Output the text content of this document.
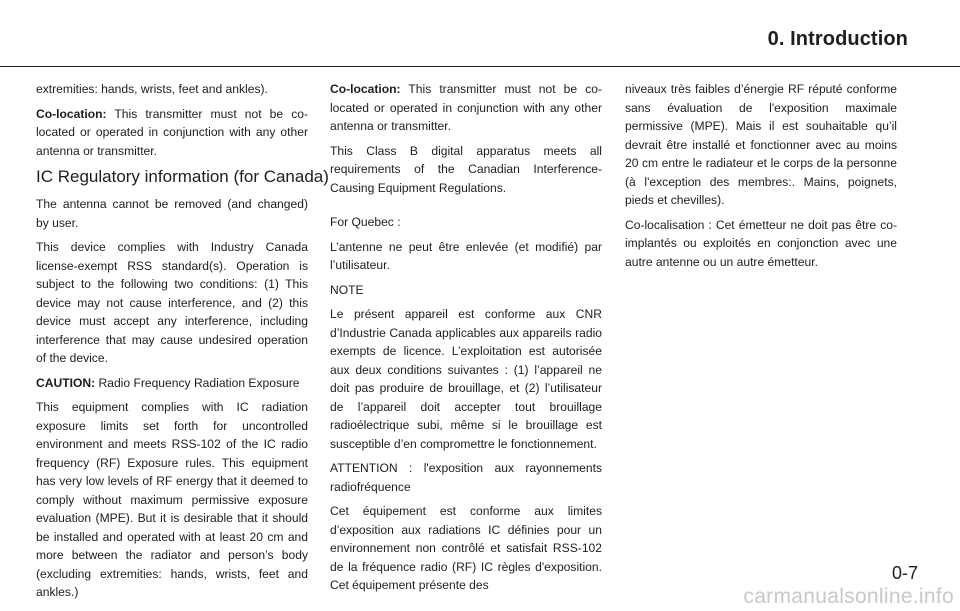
0. Introduction

extremities: hands, wrists, feet and ankles).

Co-location: This transmitter must not be co-located or operated in conjunction with any other antenna or transmitter.

IC Regulatory information (for Canada)

The antenna cannot be removed (and changed) by user.

This device complies with Industry Canada license-exempt RSS standard(s). Operation is subject to the following two conditions: (1) This device may not cause interference, and (2) this device must accept any interference, including interference that may cause undesired operation of the device.

CAUTION: Radio Frequency Radiation Exposure

This equipment complies with IC radiation exposure limits set forth for uncontrolled environment and meets RSS-102 of the IC radio frequency (RF) Exposure rules. This equipment has very low levels of RF energy that it deemed to comply without maximum permissive exposure evaluation (MPE). But it is desirable that it should be installed and operated with at least 20 cm and more between the radiator and person’s body (excluding extremities: hands, wrists, feet and ankles.)

Co-location: This transmitter must not be co-located or operated in conjunction with any other antenna or transmitter.

This Class B digital apparatus meets all requirements of the Canadian Interference-Causing Equipment Regulations.

For Quebec :

L’antenne ne peut être enlevée (et modifié) par l’utilisateur.

NOTE

Le présent appareil est conforme aux CNR d’Industrie Canada applicables aux appareils radio exempts de licence. L’exploitation est autorisée aux deux conditions suivantes : (1) l’appareil ne doit pas produire de brouillage, et (2) l’utilisateur de l’appareil doit accepter tout brouillage radioélectrique subi, même si le brouillage est susceptible d’en compromettre le fonctionnement.

ATTENTION : l'exposition aux rayonnements radiofréquence

Cet équipement est conforme aux limites d’exposition aux radiations IC définies pour un environnement non contrôlé et satisfait RSS-102 de la fréquence radio (RF) IC règles d'exposition. Cet équipement présente des

niveaux très faibles d’énergie RF réputé conforme sans évaluation de l'exposition maximale permissive (MPE). Mais il est souhaitable qu’il devrait être installé et fonctionner avec au moins 20 cm entre le radiateur et le corps de la personne (à l'exception des membres:. Mains, poignets, pieds et chevilles).

Co-localisation : Cet émetteur ne doit pas être co-implantés ou exploités en conjonction avec une autre antenne ou un autre émetteur.

0-7
carmanualsonline.info
